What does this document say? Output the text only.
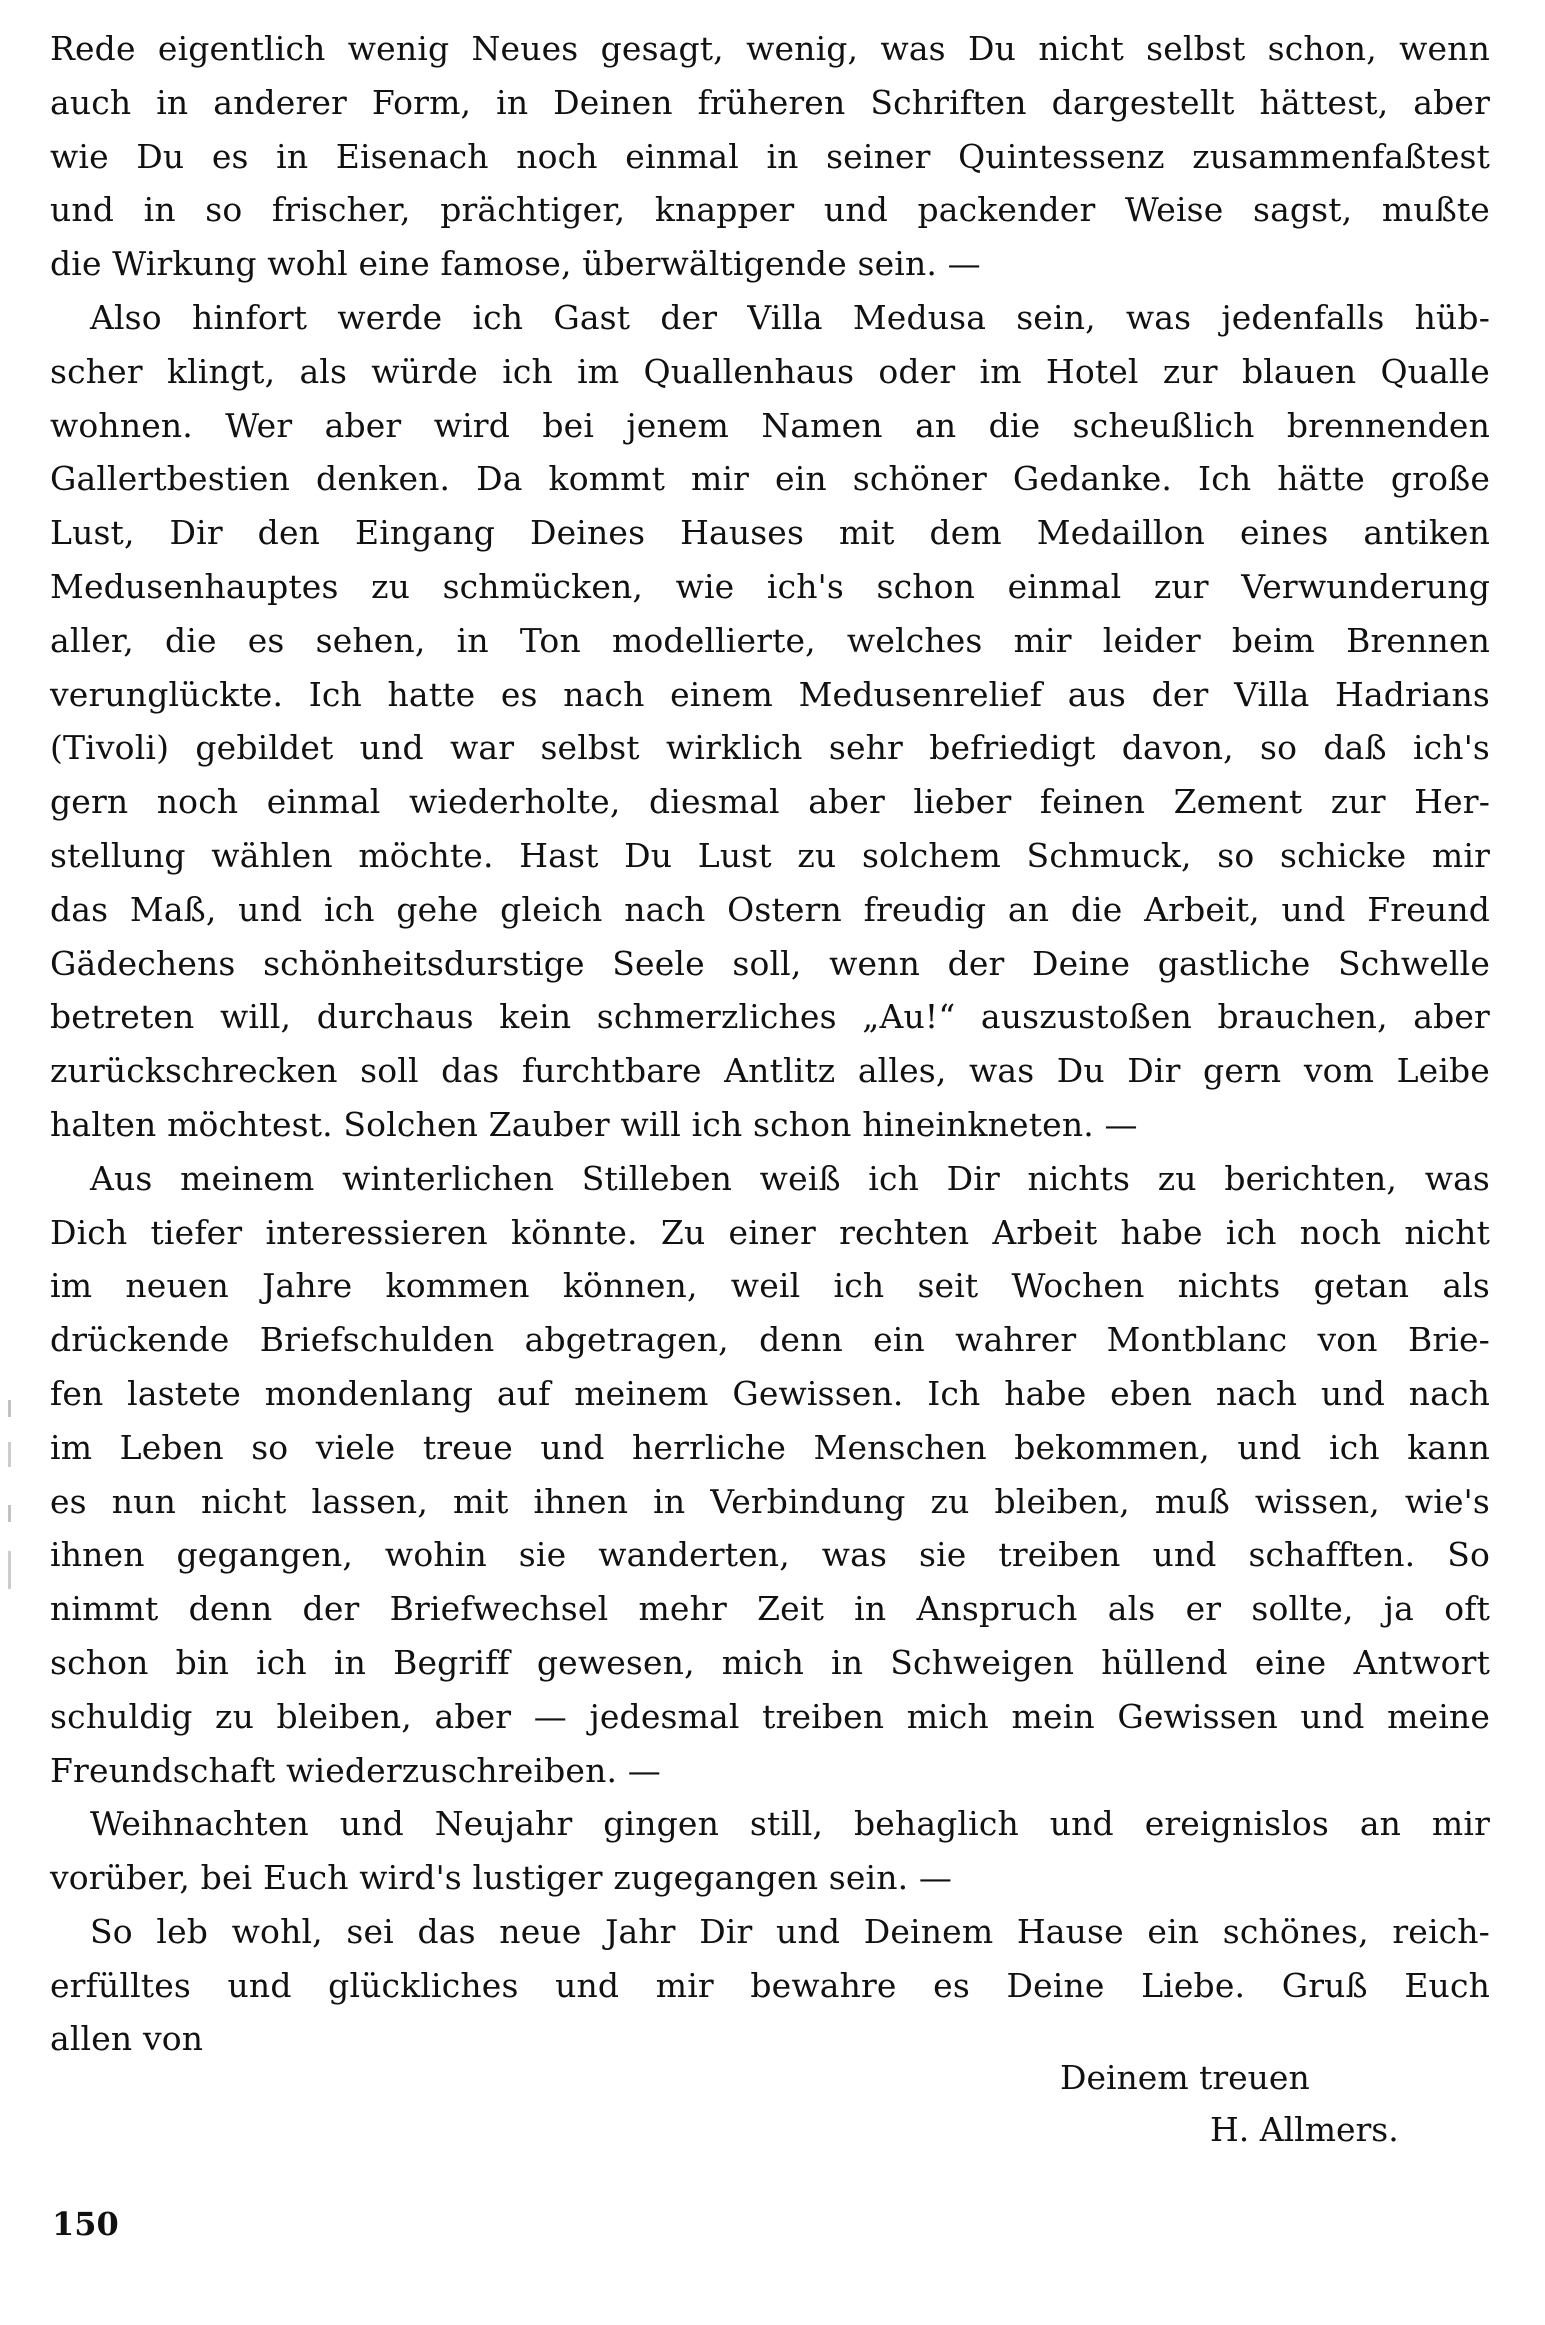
Rede eigentlich wenig Neues gesagt, wenig, was Du nicht selbst schon, wenn
auch in anderer Form, in Deinen früheren Schriften dargestellt hättest, aber
wie Du es in Eisenach noch einmal in seiner Quintessenz zusammenfaßtest
und in so frischer, prächtiger, knapper und packender Weise sagst, mußte
die Wirkung wohl eine famose, überwältigende sein. —
Also hinfort werde ich Gast der Villa Medusa sein, was jedenfalls hüb-
scher klingt, als würde ich im Quallenhaus oder im Hotel zur blauen Qualle
wohnen. Wer aber wird bei jenem Namen an die scheußlich brennenden
Gallertbestien denken. Da kommt mir ein schöner Gedanke. Ich hätte große
Lust, Dir den Eingang Deines Hauses mit dem Medaillon eines antiken
Medusenhauptes zu schmücken, wie ich's schon einmal zur Verwunderung
aller, die es sehen, in Ton modellierte, welches mir leider beim Brennen
verunglückte. Ich hatte es nach einem Medusenrelief aus der Villa Hadrians
(Tivoli) gebildet und war selbst wirklich sehr befriedigt davon, so daß ich's
gern noch einmal wiederholte, diesmal aber lieber feinen Zement zur Her-
stellung wählen möchte. Hast Du Lust zu solchem Schmuck, so schicke mir
das Maß, und ich gehe gleich nach Ostern freudig an die Arbeit, und Freund
Gädechens schönheitsdurstige Seele soll, wenn der Deine gastliche Schwelle
betreten will, durchaus kein schmerzliches „Au!“ auszustoßen brauchen, aber
zurückschrecken soll das furchtbare Antlitz alles, was Du Dir gern vom Leibe
halten möchtest. Solchen Zauber will ich schon hineinkneten. —
Aus meinem winterlichen Stilleben weiß ich Dir nichts zu berichten, was
Dich tiefer interessieren könnte. Zu einer rechten Arbeit habe ich noch nicht
im neuen Jahre kommen können, weil ich seit Wochen nichts getan als
drückende Briefschulden abgetragen, denn ein wahrer Montblanc von Brie-
fen lastete mondenlang auf meinem Gewissen. Ich habe eben nach und nach
im Leben so viele treue und herrliche Menschen bekommen, und ich kann
es nun nicht lassen, mit ihnen in Verbindung zu bleiben, muß wissen, wie's
ihnen gegangen, wohin sie wanderten, was sie treiben und schafften. So
nimmt denn der Briefwechsel mehr Zeit in Anspruch als er sollte, ja oft
schon bin ich in Begriff gewesen, mich in Schweigen hüllend eine Antwort
schuldig zu bleiben, aber — jedesmal treiben mich mein Gewissen und meine
Freundschaft wiederzuschreiben. —
Weihnachten und Neujahr gingen still, behaglich und ereignislos an mir
vorüber, bei Euch wird's lustiger zugegangen sein. —
So leb wohl, sei das neue Jahr Dir und Deinem Hause ein schönes, reich-
erfülltes und glückliches und mir bewahre es Deine Liebe. Gruß Euch
allen von
Deinem treuen
H. Allmers.
150
